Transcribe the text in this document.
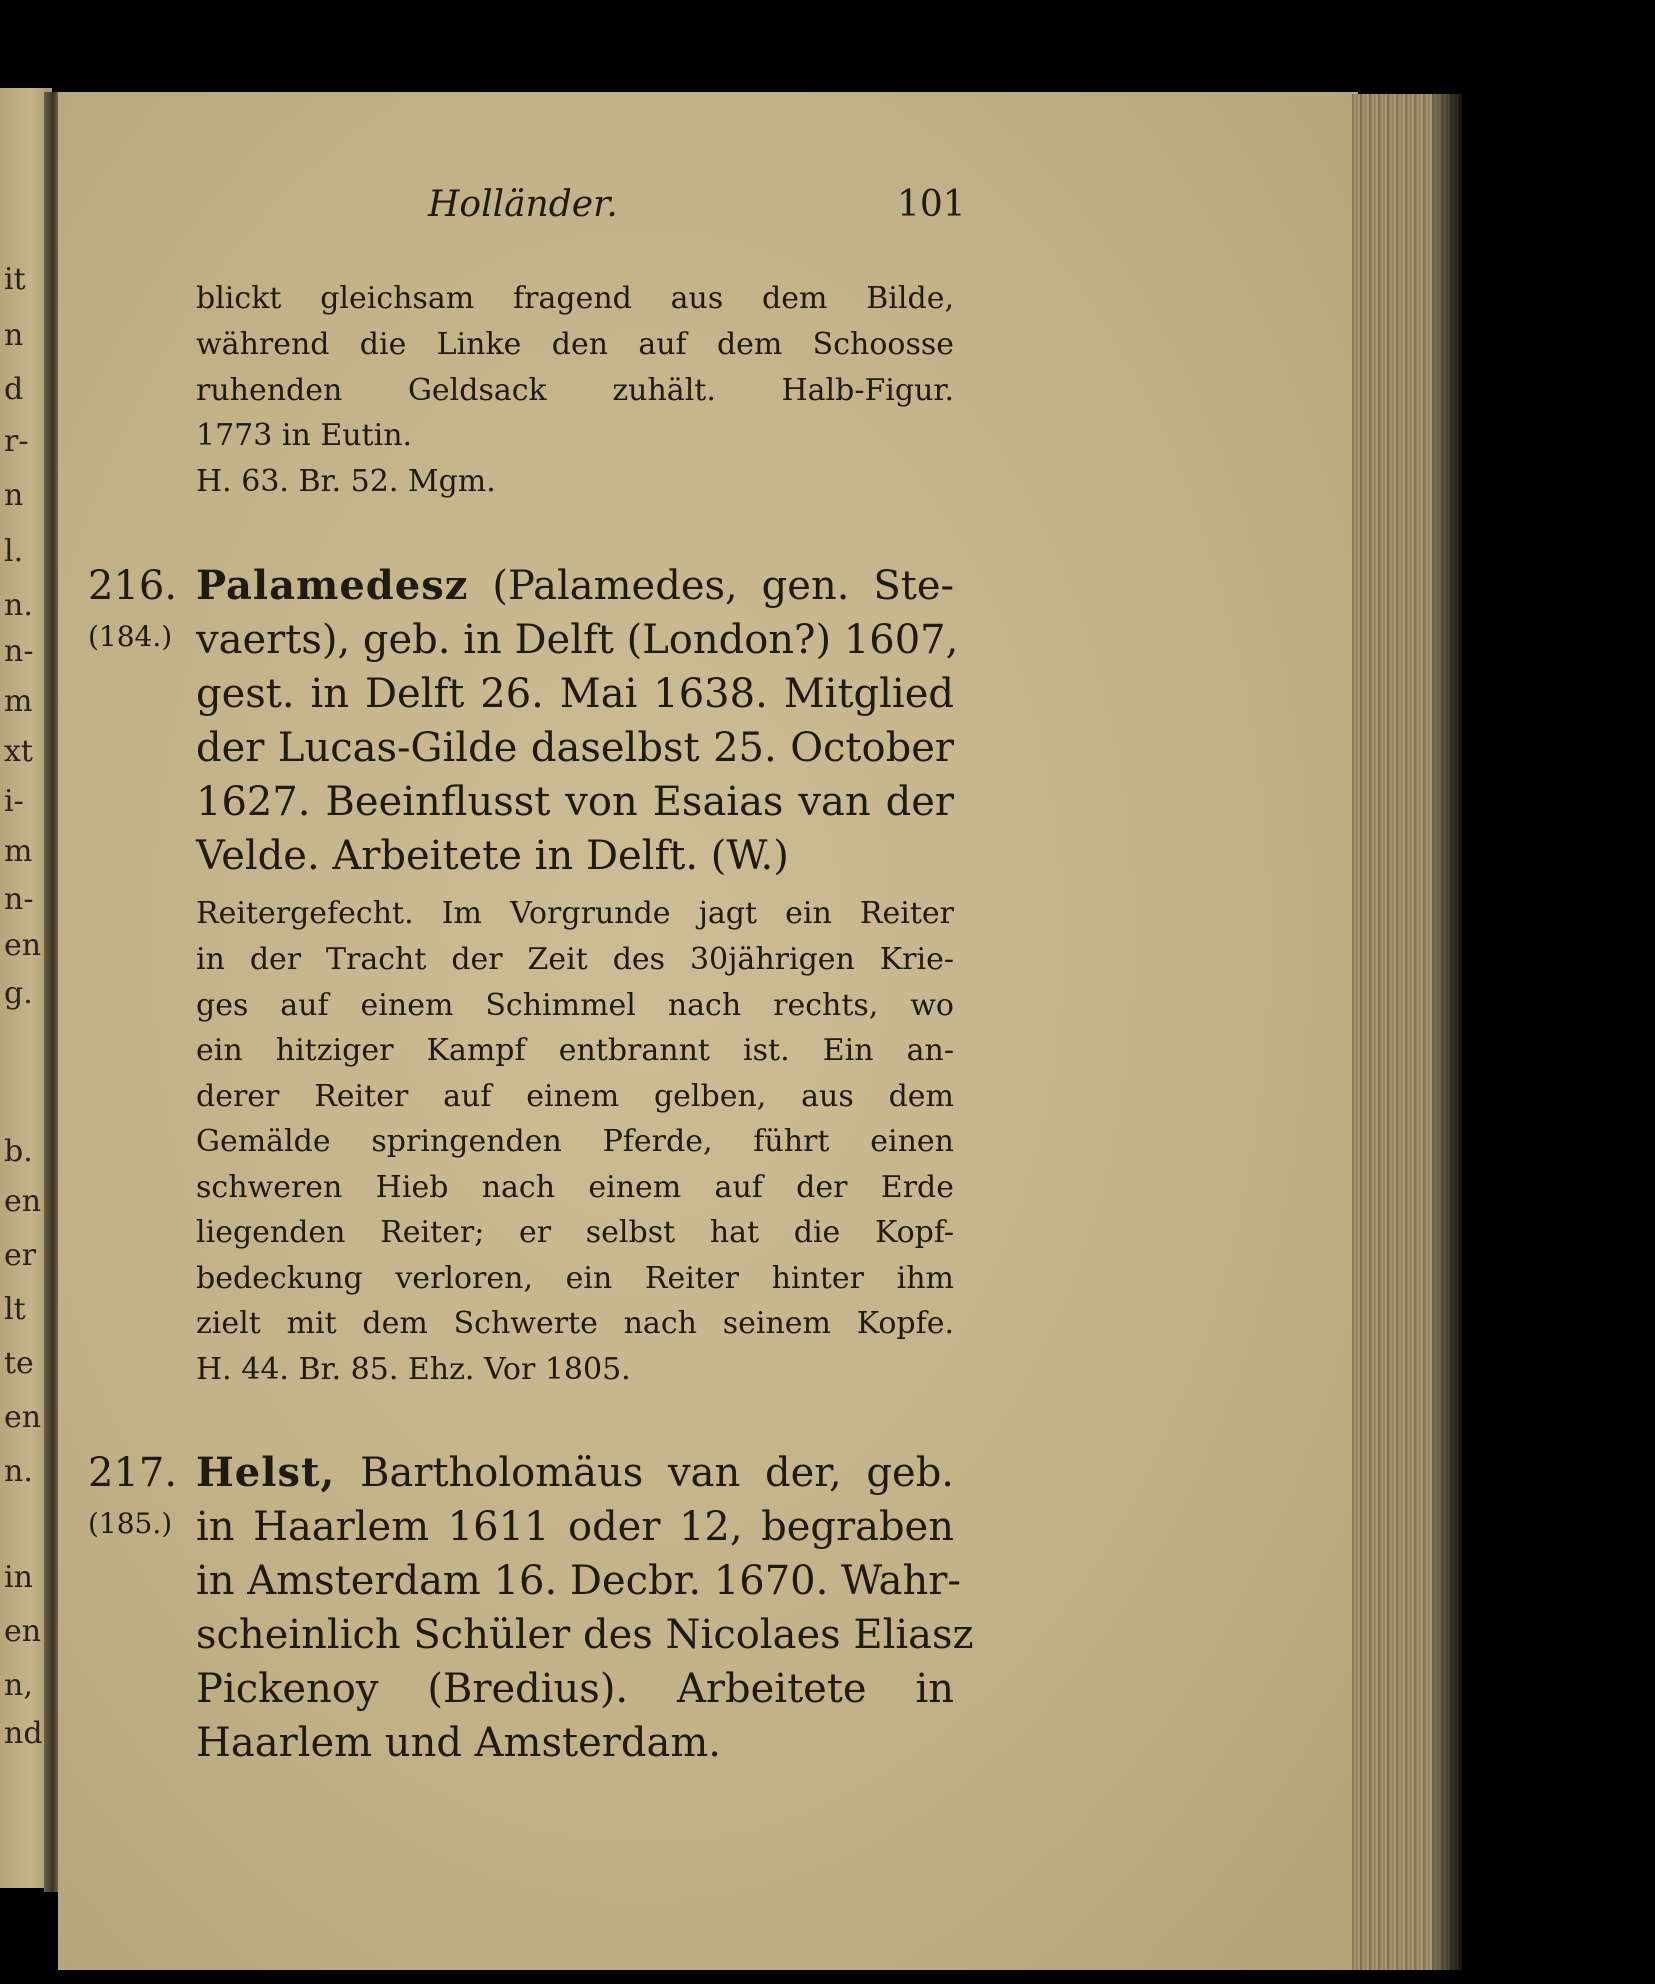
it
n
d
r-
n
l.
n.
n-
m
xt
i-
m
n-
en
g.
b.
en
er
lt
te
en
n.
in
en
n,
nd
Holländer.	101
blickt gleichsam fragend aus dem Bilde,
während die Linke den auf dem Schoosse
ruhenden Geldsack zuhält. Halb-Figur.
1773 in Eutin.
H. 63. Br. 52. Mgm.
216.
(184.)
Palamedesz (Palamedes, gen. Ste-
vaerts), geb. in Delft (London?) 1607,
gest. in Delft 26. Mai 1638. Mitglied
der Lucas-Gilde daselbst 25. October
1627. Beeinflusst von Esaias van der
Velde. Arbeitete in Delft. (W.)
Reitergefecht. Im Vorgrunde jagt ein Reiter
in der Tracht der Zeit des 30jährigen Krie-
ges auf einem Schimmel nach rechts, wo
ein hitziger Kampf entbrannt ist. Ein an-
derer Reiter auf einem gelben, aus dem
Gemälde springenden Pferde, führt einen
schweren Hieb nach einem auf der Erde
liegenden Reiter; er selbst hat die Kopf-
bedeckung verloren, ein Reiter hinter ihm
zielt mit dem Schwerte nach seinem Kopfe.
H. 44. Br. 85. Ehz. Vor 1805.
217.
(185.)
Helst, Bartholomäus van der, geb.
in Haarlem 1611 oder 12, begraben
in Amsterdam 16. Decbr. 1670. Wahr-
scheinlich Schüler des Nicolaes Eliasz
Pickenoy (Bredius). Arbeitete in
Haarlem und Amsterdam.
